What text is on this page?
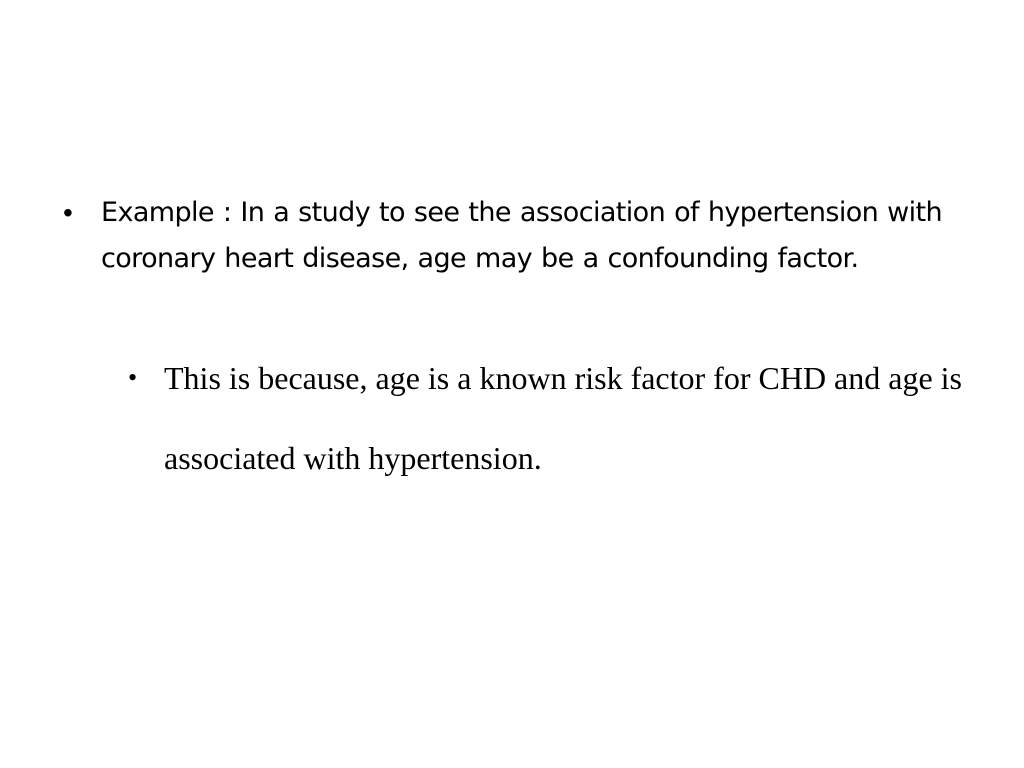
• Example : In a study to see the association of hypertension with coronary heart disease, age may be a confounding factor.
• This is because, age is a known risk factor for CHD and age is associated with hypertension.
